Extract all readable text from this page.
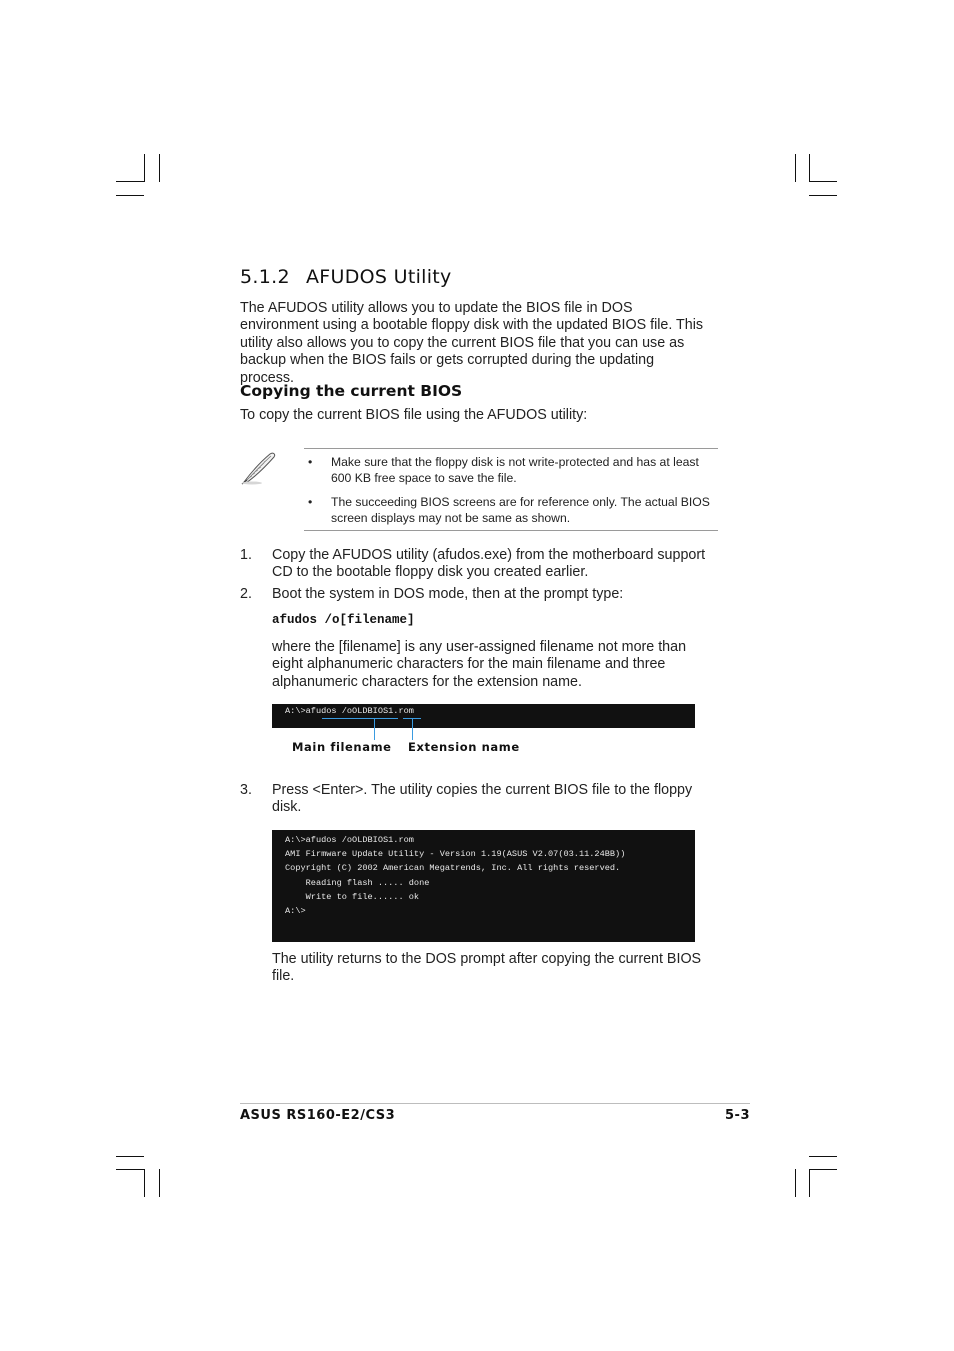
5.1.2 AFUDOS Utility

The AFUDOS utility allows you to update the BIOS file in DOS environment using a bootable floppy disk with the updated BIOS file. This utility also allows you to copy the current BIOS file that you can use as backup when the BIOS fails or gets corrupted during the updating process.

Copying the current BIOS

To copy the current BIOS file using the AFUDOS utility:

• Make sure that the floppy disk is not write-protected and has at least 600 KB free space to save the file.
• The succeeding BIOS screens are for reference only. The actual BIOS screen displays may not be same as shown.
1. Copy the AFUDOS utility (afudos.exe) from the motherboard support CD to the bootable floppy disk you created earlier.

2. Boot the system in DOS mode, then at the prompt type:

afudos /o[filename]

where the [filename] is any user-assigned filename not more than eight alphanumeric characters for the main filename and three alphanumeric characters for the extension name.

A:\>afudos /oOLDBIOS1.rom
Main filename Extension name
3. Press <Enter>. The utility copies the current BIOS file to the floppy disk.

A:\>afudos /oOLDBIOS1.rom
AMI Firmware Update Utility - Version 1.19(ASUS V2.07(03.11.24BB))
Copyright (C) 2002 American Megatrends, Inc. All rights reserved.
Reading flash ..... done
Write to file...... ok
A:\>

The utility returns to the DOS prompt after copying the current BIOS file.

ASUS RS160-E2/CS3	5-3
